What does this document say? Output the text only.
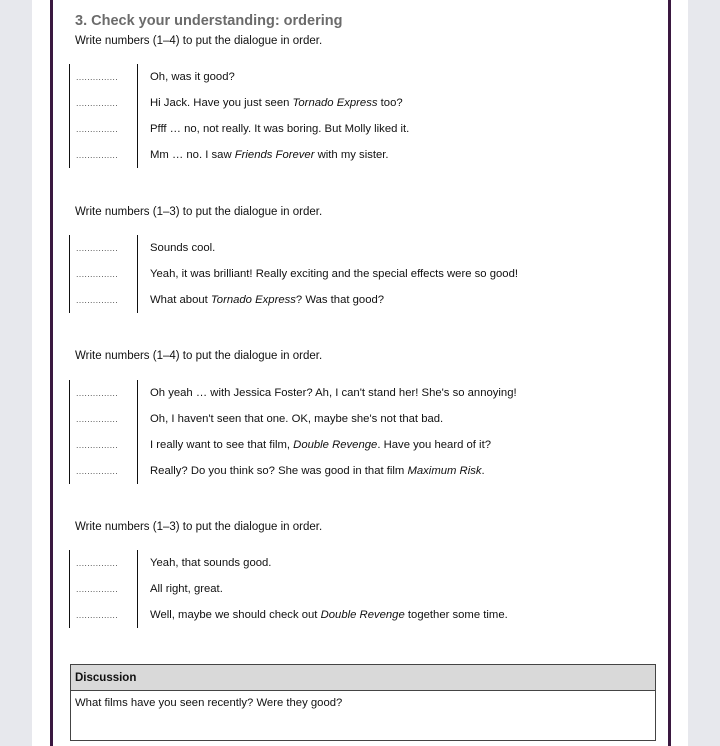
3. Check your understanding: ordering
Write numbers (1–4) to put the dialogue in order.
...............	Oh, was it good?
...............	Hi Jack. Have you just seen Tornado Express too?
...............	Pfff … no, not really. It was boring. But Molly liked it.
...............	Mm … no. I saw Friends Forever with my sister.
Write numbers (1–3) to put the dialogue in order.
...............	Sounds cool.
...............	Yeah, it was brilliant! Really exciting and the special effects were so good!
...............	What about Tornado Express? Was that good?
Write numbers (1–4) to put the dialogue in order.
...............	Oh yeah … with Jessica Foster? Ah, I can't stand her! She's so annoying!
...............	Oh, I haven't seen that one. OK, maybe she's not that bad.
...............	I really want to see that film, Double Revenge. Have you heard of it?
...............	Really? Do you think so? She was good in that film Maximum Risk.
Write numbers (1–3) to put the dialogue in order.
...............	Yeah, that sounds good.
...............	All right, great.
...............	Well, maybe we should check out Double Revenge together some time.
Discussion
What films have you seen recently? Were they good?
